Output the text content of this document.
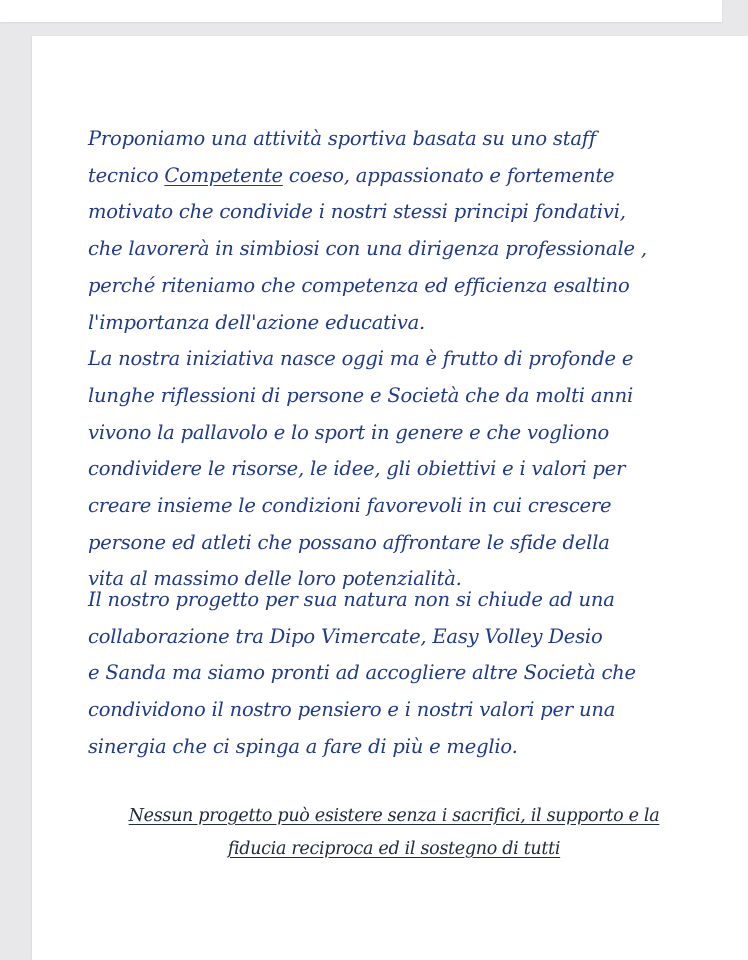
Proponiamo una attività sportiva basata su uno staff
tecnico Competente coeso, appassionato e fortemente
motivato che condivide i nostri stessi principi fondativi,
che lavorerà in simbiosi con una dirigenza professionale ,
perché riteniamo che competenza ed efficienza esaltino
l'importanza dell'azione educativa.
La nostra iniziativa nasce oggi ma è frutto di profonde e
lunghe riflessioni di persone e Società che da molti anni
vivono la pallavolo e lo sport in genere e che vogliono
condividere le risorse, le idee, gli obiettivi e i valori per
creare insieme le condizioni favorevoli in cui crescere
persone ed atleti che possano affrontare le sfide della
vita al massimo delle loro potenzialità.
Il nostro progetto per sua natura non si chiude ad una
collaborazione tra Dipo Vimercate, Easy Volley Desio
e Sanda ma siamo pronti ad accogliere altre Società che
condividono il nostro pensiero e i nostri valori per una
sinergia che ci spinga a fare di più e meglio.
Nessun progetto può esistere senza i sacrifici, il supporto e la
fiducia reciproca ed il sostegno di tutti
